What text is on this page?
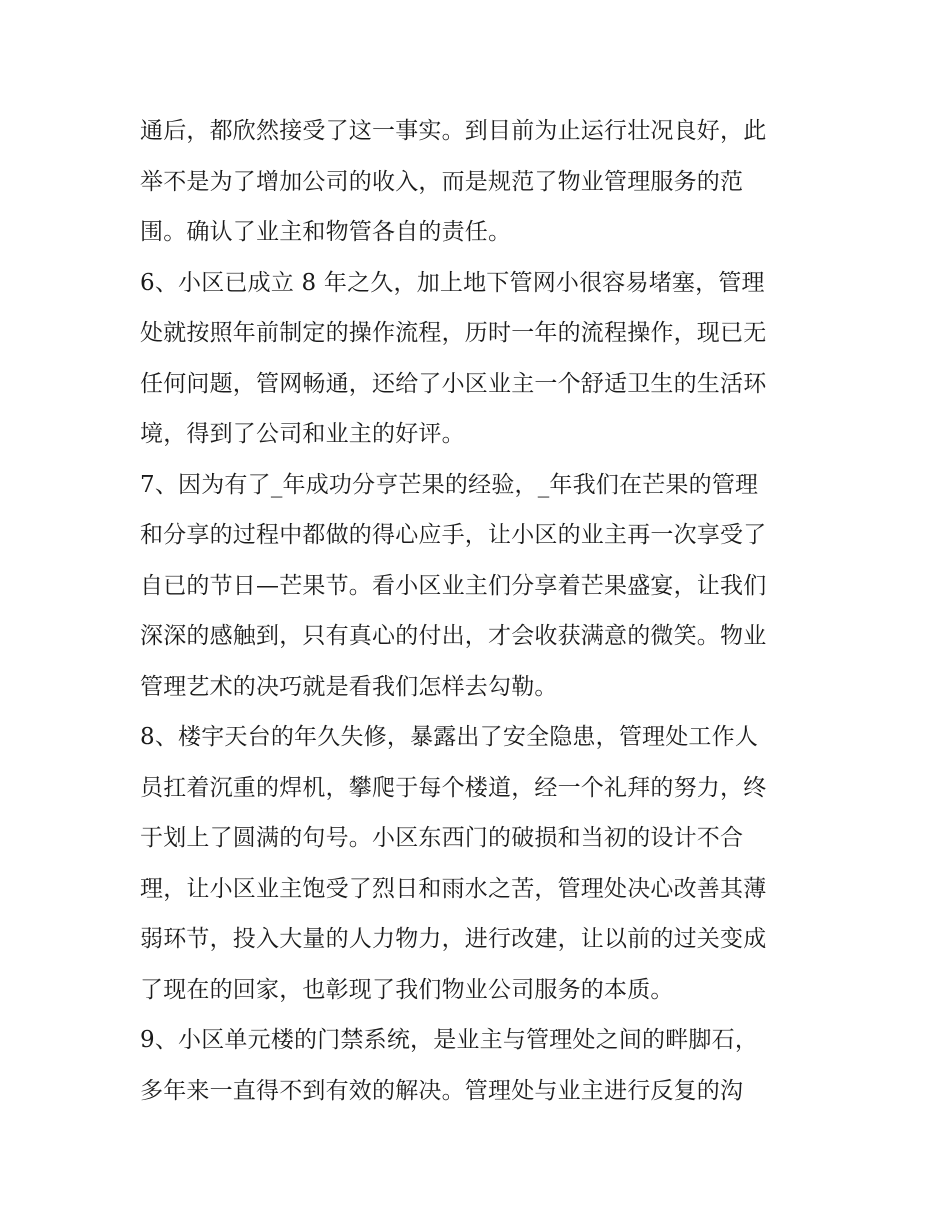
通后，都欣然接受了这一事实。到目前为止运行壮况良好，此
举不是为了增加公司的收入，而是规范了物业管理服务的范
围。确认了业主和物管各自的责任。
6、小区已成立 8 年之久，加上地下管网小很容易堵塞，管理
处就按照年前制定的操作流程，历时一年的流程操作，现已无
任何问题，管网畅通，还给了小区业主一个舒适卫生的生活环
境，得到了公司和业主的好评。
7、因为有了_年成功分亨芒果的经验，_年我们在芒果的管理
和分享的过程中都做的得心应手，让小区的业主再一次享受了
自已的节日—芒果节。看小区业主们分享着芒果盛宴，让我们
深深的感触到，只有真心的付出，才会收获满意的微笑。物业
管理艺术的决巧就是看我们怎样去勾勒。
8、楼宇天台的年久失修，暴露出了安全隐患，管理处工作人
员扛着沉重的焊机，攀爬于每个楼道，经一个礼拜的努力，终
于划上了圆满的句号。小区东西门的破损和当初的设计不合
理，让小区业主饱受了烈日和雨水之苦，管理处决心改善其薄
弱环节，投入大量的人力物力，进行改建，让以前的过关变成
了现在的回家，也彰现了我们物业公司服务的本质。
9、小区单元楼的门禁系统，是业主与管理处之间的畔脚石，
多年来一直得不到有效的解决。管理处与业主进行反复的沟
